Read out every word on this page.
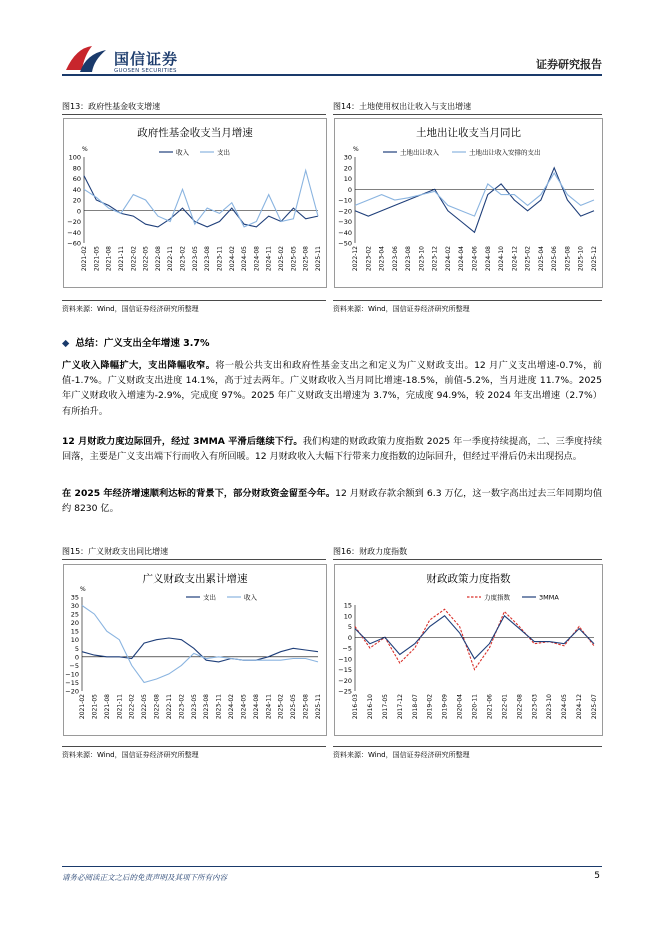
国信证券
GUOSEN SECURITIES	证券研究报告
图13：政府性基金收支增速
政府性基金收支当月增速
100
80
60
40
20
0
−20
−40
−60
%
2021-02 2021-05 2021-08 2021-11 2022-02 2022-05 2022-08 2022-11 2023-02 2023-05 2023-08 2023-11 2024-02 2024-05 2024-08 2024-11 2025-02 2025-05 2025-08 2025-11
收入	支出
资料来源：Wind，国信证券经济研究所整理
图14：土地使用权出让收入与支出增速
土地出让收支当月同比
30
20
10
0
−10
−20
−30
−40
−50
%
2022-12 2023-02 2023-04 2023-06 2023-08 2023-10 2023-12 2024-02 2024-04 2024-06 2024-08 2024-10 2024-12 2025-02 2025-04 2025-06 2025-08 2025-10 2025-12
土地出让收入	土地出让收入安排的支出
资料来源：Wind，国信证券经济研究所整理
◆ 总结：广义支出全年增速 3.7%
广义收入降幅扩大，支出降幅收窄。将一般公共支出和政府性基金支出之和定义为广义财政支出。12 月广义支出增速-0.7%，前值-1.7%。广义财政支出进度 14.1%，高于过去两年。广义财政收入当月同比增速-18.5%，前值-5.2%，当月进度 11.7%。2025 年广义财政收入增速为-2.9%，完成度 97%。2025 年广义财政支出增速为 3.7%，完成度 94.9%，较 2024 年支出增速（2.7%）有所抬升。
12 月财政力度边际回升，经过 3MMA 平滑后继续下行。我们构建的财政政策力度指数 2025 年一季度持续提高，二、三季度持续回落，主要是广义支出端下行而收入有所回暖。12 月财政收入大幅下行带来力度指数的边际回升，但经过平滑后仍未出现拐点。
在 2025 年经济增速顺利达标的背景下，部分财政资金留至今年。12 月财政存款余额到 6.3 万亿，这一数字高出过去三年同期均值约 8230 亿。
图15：广义财政支出同比增速
广义财政支出累计增速
35
30
25
20
15
10
5
0
−5
−10
−15
−20
%
2021-02 2021-05 2021-08 2021-11 2022-02 2022-05 2022-08 2022-11 2023-02 2023-05 2023-08 2023-11 2024-02 2024-05 2024-08 2024-11 2025-02 2025-05 2025-08 2025-11
支出	收入
资料来源：Wind，国信证券经济研究所整理
图16：财政力度指数
财政政策力度指数
15
10
5
0
−5
−10
−15
−20
−25
2016-03 2016-10 2017-05 2017-12 2018-07 2019-02 2019-09 2020-04 2020-11 2021-06 2022-01 2022-08 2023-03 2023-10 2024-05 2024-12 2025-07
力度指数	3MMA
资料来源：Wind，国信证券经济研究所整理
请务必阅读正文之后的免责声明及其项下所有内容	5
